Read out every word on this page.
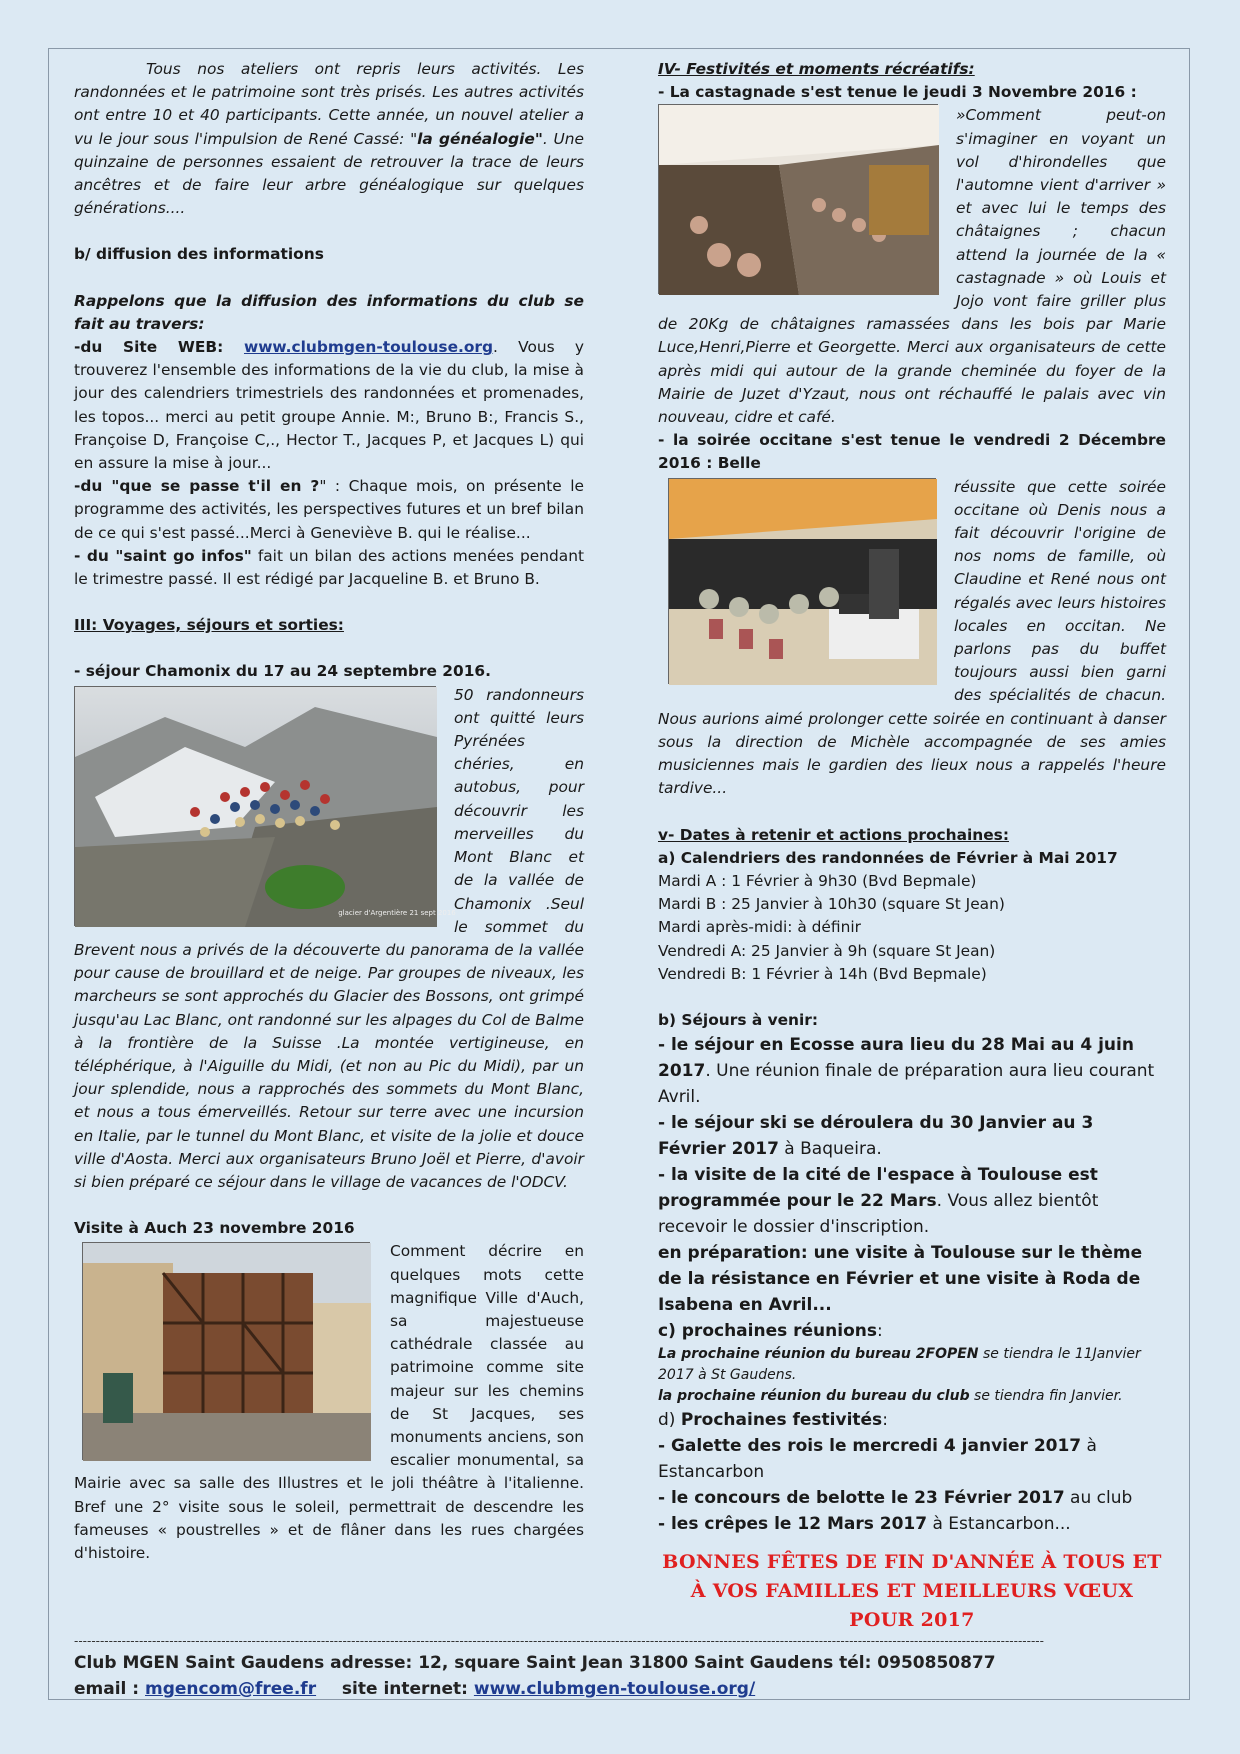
Tous nos ateliers ont repris leurs activités. Les randonnées et le patrimoine sont très prisés. Les autres activités ont entre 10 et 40 participants. Cette année, un nouvel atelier a vu le jour sous l'impulsion de René Cassé: "la généalogie". Une quinzaine de personnes essaient de retrouver la trace de leurs ancêtres et de faire leur arbre généalogique sur quelques générations....

b/ diffusion des informations

Rappelons que la diffusion des informations du club se fait au travers:

-du Site WEB: www.clubmgen-toulouse.org. Vous y trouverez l'ensemble des informations de la vie du club, la mise à jour des calendriers trimestriels des randonnées et promenades, les topos... merci au petit groupe Annie. M:, Bruno B:, Francis S., Françoise D, Françoise C,., Hector T., Jacques P, et Jacques L) qui en assure la mise à jour...

-du "que se passe t'il en ?" : Chaque mois, on présente le programme des activités, les perspectives futures et un bref bilan de ce qui s'est passé...Merci à Geneviève B. qui le réalise...

- du "saint go infos" fait un bilan des actions menées pendant le trimestre passé. Il est rédigé par Jacqueline B. et Bruno B.

III: Voyages, séjours et sorties:

- séjour Chamonix du 17 au 24 septembre 2016.

glacier d'Argentière 21 sept 2016

50 randonneurs ont quitté leurs Pyrénées chéries, en autobus, pour découvrir les merveilles du Mont Blanc et de la vallée de Chamonix .Seul le sommet du Brevent nous a privés de la découverte du panorama de la vallée pour cause de brouillard et de neige. Par groupes de niveaux, les marcheurs se sont approchés du Glacier des Bossons, ont grimpé jusqu'au Lac Blanc, ont randonné sur les alpages du Col de Balme à la frontière de la Suisse .La montée vertigineuse, en téléphérique, à l'Aiguille du Midi, (et non au Pic du Midi), par un jour splendide, nous a rapprochés des sommets du Mont Blanc, et nous a tous émerveillés. Retour sur terre avec une incursion en Italie, par le tunnel du Mont Blanc, et visite de la jolie et douce ville d'Aosta. Merci aux organisateurs Bruno Joël et Pierre, d'avoir si bien préparé ce séjour dans le village de vacances de l'ODCV.

Visite à Auch 23 novembre 2016

Comment décrire en quelques mots cette magnifique Ville d'Auch, sa majestueuse cathédrale classée au patrimoine comme site majeur sur les chemins de St Jacques, ses monuments anciens, son escalier monumental, sa Mairie avec sa salle des Illustres et le joli théâtre à l'italienne. Bref une 2° visite sous le soleil, permettrait de descendre les fameuses « poustrelles » et de flâner dans les rues chargées d'histoire.

IV- Festivités et moments récréatifs:

- La castagnade s'est tenue le jeudi 3 Novembre 2016 :

»Comment peut-on s'imaginer en voyant un vol d'hirondelles que l'automne vient d'arriver » et avec lui le temps des châtaignes ; chacun attend la journée de la « castagnade » où Louis et Jojo vont faire griller plus de 20Kg de châtaignes ramassées dans les bois par Marie Luce,Henri,Pierre et Georgette. Merci aux organisateurs de cette après midi qui autour de la grande cheminée du foyer de la Mairie de Juzet d'Yzaut, nous ont réchauffé le palais avec vin nouveau, cidre et café.

- la soirée occitane s'est tenue le vendredi 2 Décembre 2016 : Belle

réussite que cette soirée occitane où Denis nous a fait découvrir l'origine de nos noms de famille, où Claudine et René nous ont régalés avec leurs histoires locales en occitan. Ne parlons pas du buffet toujours aussi bien garni des spécialités de chacun. Nous aurions aimé prolonger cette soirée en continuant à danser sous la direction de Michèle accompagnée de ses amies musiciennes mais le gardien des lieux nous a rappelés l'heure tardive...

v- Dates à retenir et actions prochaines:

a) Calendriers des randonnées de Février à Mai 2017

Mardi A : 1 Février à 9h30 (Bvd Bepmale)
Mardi B : 25 Janvier à 10h30 (square St Jean)
Mardi après-midi: à définir
Vendredi A: 25 Janvier à 9h (square St Jean)
Vendredi B: 1 Février à 14h (Bvd Bepmale)

b) Séjours à venir:

- le séjour en Ecosse aura lieu du 28 Mai au 4 juin 2017. Une réunion finale de préparation aura lieu courant Avril.
- le séjour ski se déroulera du 30 Janvier au 3 Février 2017 à Baqueira.
- la visite de la cité de l'espace à Toulouse est programmée pour le 22 Mars. Vous allez bientôt recevoir le dossier d'inscription.
en préparation: une visite à Toulouse sur le thème de la résistance en Février et une visite à Roda de Isabena en Avril...
c) prochaines réunions:
La prochaine réunion du bureau 2FOPEN se tiendra le 11Janvier 2017 à St Gaudens.
la prochaine réunion du bureau du club se tiendra fin Janvier.
d) Prochaines festivités:
- Galette des rois le mercredi 4 janvier 2017 à Estancarbon
- le concours de belotte le 23 Février 2017 au club
- les crêpes le 12 Mars 2017 à Estancarbon...
BONNES FÊTES DE FIN D'ANNÉE À TOUS ET À VOS FAMILLES ET MEILLEURS VŒUX POUR 2017
--------------------------------------------------------------------------------------------------------------------------------------------------------------------------------------------------------------------------------
Club MGEN Saint Gaudens adresse: 12, square Saint Jean 31800 Saint Gaudens tél: 0950850877
email : mgencom@free.fr site internet: www.clubmgen-toulouse.org/
